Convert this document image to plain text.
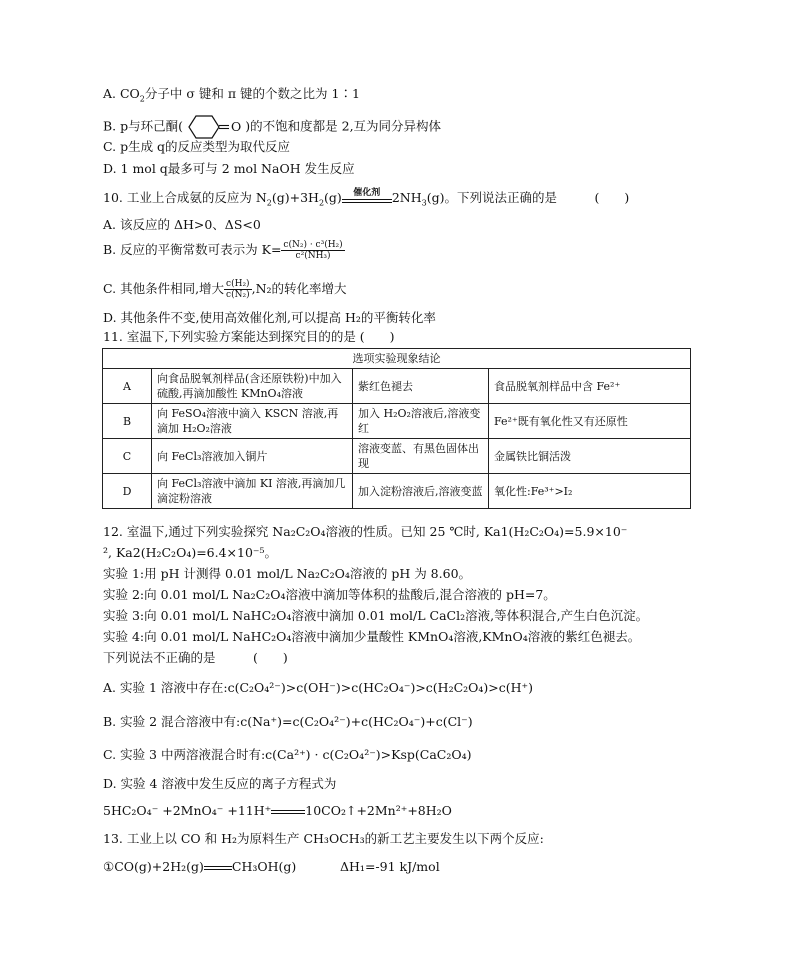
A. $CO_2$分子中 σ 键和 π 键的个数之比为 1∶1
B. p与环己酮(	O )的不饱和度都是 2,互为同分异构体
C. p生成 q的反应类型为取代反应
D. 1 mol q最多可与 2 mol NaOH 发生反应
10. 工业上合成氨的反应为 $N_2(g)+3H_2(g)$	催化剂 $2NH_3(g)$。下列说法正确的是　　　(　　)
A. 该反应的 ΔH>0、ΔS<0
B. 反应的平衡常数可表示为 $K= \frac{\text{c(N₂) · c³(H₂)}}{\text{c²(NH₃)}}$
C. 其他条件相同,增大 $\frac{\text{c(H₂)}}{\text{c(N₂)}} ,N_2$的转化率增大
D. 其他条件不变,使用高效催化剂,可以提高 H₂的平衡转化率
11. 室温下,下列实验方案能达到探究目的的是 (　　)
选项实验现象结论			
A	向食品脱氧剂样品(含还原铁粉)中加入硫酸,再滴加酸性 KMnO₄溶液	紫红色褪去	食品脱氧剂样品中含 Fe²⁺
B	向 FeSO₄溶液中滴入 KSCN 溶液,再滴加 H₂O₂溶液	加入 H₂O₂溶液后,溶液变红	Fe²⁺既有氧化性又有还原性
C	向 FeCl₃溶液加入铜片	溶液变蓝、有黑色固体出现	金属铁比铜活泼
D	向 FeCl₃溶液中滴加 KI 溶液,再滴加几滴淀粉溶液	加入淀粉溶液后,溶液变蓝	氧化性:Fe³⁺>I₂
12. 室温下,通过下列实验探究 Na₂C₂O₄溶液的性质。已知 25 ℃时, Ka1(H₂C₂O₄)=5.9×10⁻
², Ka2(H₂C₂O₄)=6.4×10⁻⁵。
实验 1:用 pH 计测得 0.01 mol/L Na₂C₂O₄溶液的 pH 为 8.60。
实验 2:向 0.01 mol/L Na₂C₂O₄溶液中滴加等体积的盐酸后,混合溶液的 pH=7。
实验 3:向 0.01 mol/L NaHC₂O₄溶液中滴加 0.01 mol/L CaCl₂溶液,等体积混合,产生白色沉淀。
实验 4:向 0.01 mol/L NaHC₂O₄溶液中滴加少量酸性 KMnO₄溶液,KMnO₄溶液的紫红色褪去。
下列说法不正确的是　　　(　　)
A. 实验 1 溶液中存在:c(C₂O₄²⁻)>c(OH⁻)>c(HC₂O₄⁻)>c(H₂C₂O₄)>c(H⁺)
B. 实验 2 混合溶液中有:c(Na⁺)=c(C₂O₄²⁻)+c(HC₂O₄⁻)+c(Cl⁻)
C. 实验 3 中两溶液混合时有:c(Ca²⁺) · c(C₂O₄²⁻)>Ksp(CaC₂O₄)
D. 实验 4 溶液中发生反应的离子方程式为
5HC₂O₄⁻ +2MnO₄⁻ +11H⁺	10CO₂↑+2Mn²⁺+8H₂O
13. 工业上以 CO 和 H₂为原料生产 CH₃OCH₃的新工艺主要发生以下两个反应:
①CO(g)+2H₂(g) CH₃OH(g)	ΔH₁=-91 kJ/mol
